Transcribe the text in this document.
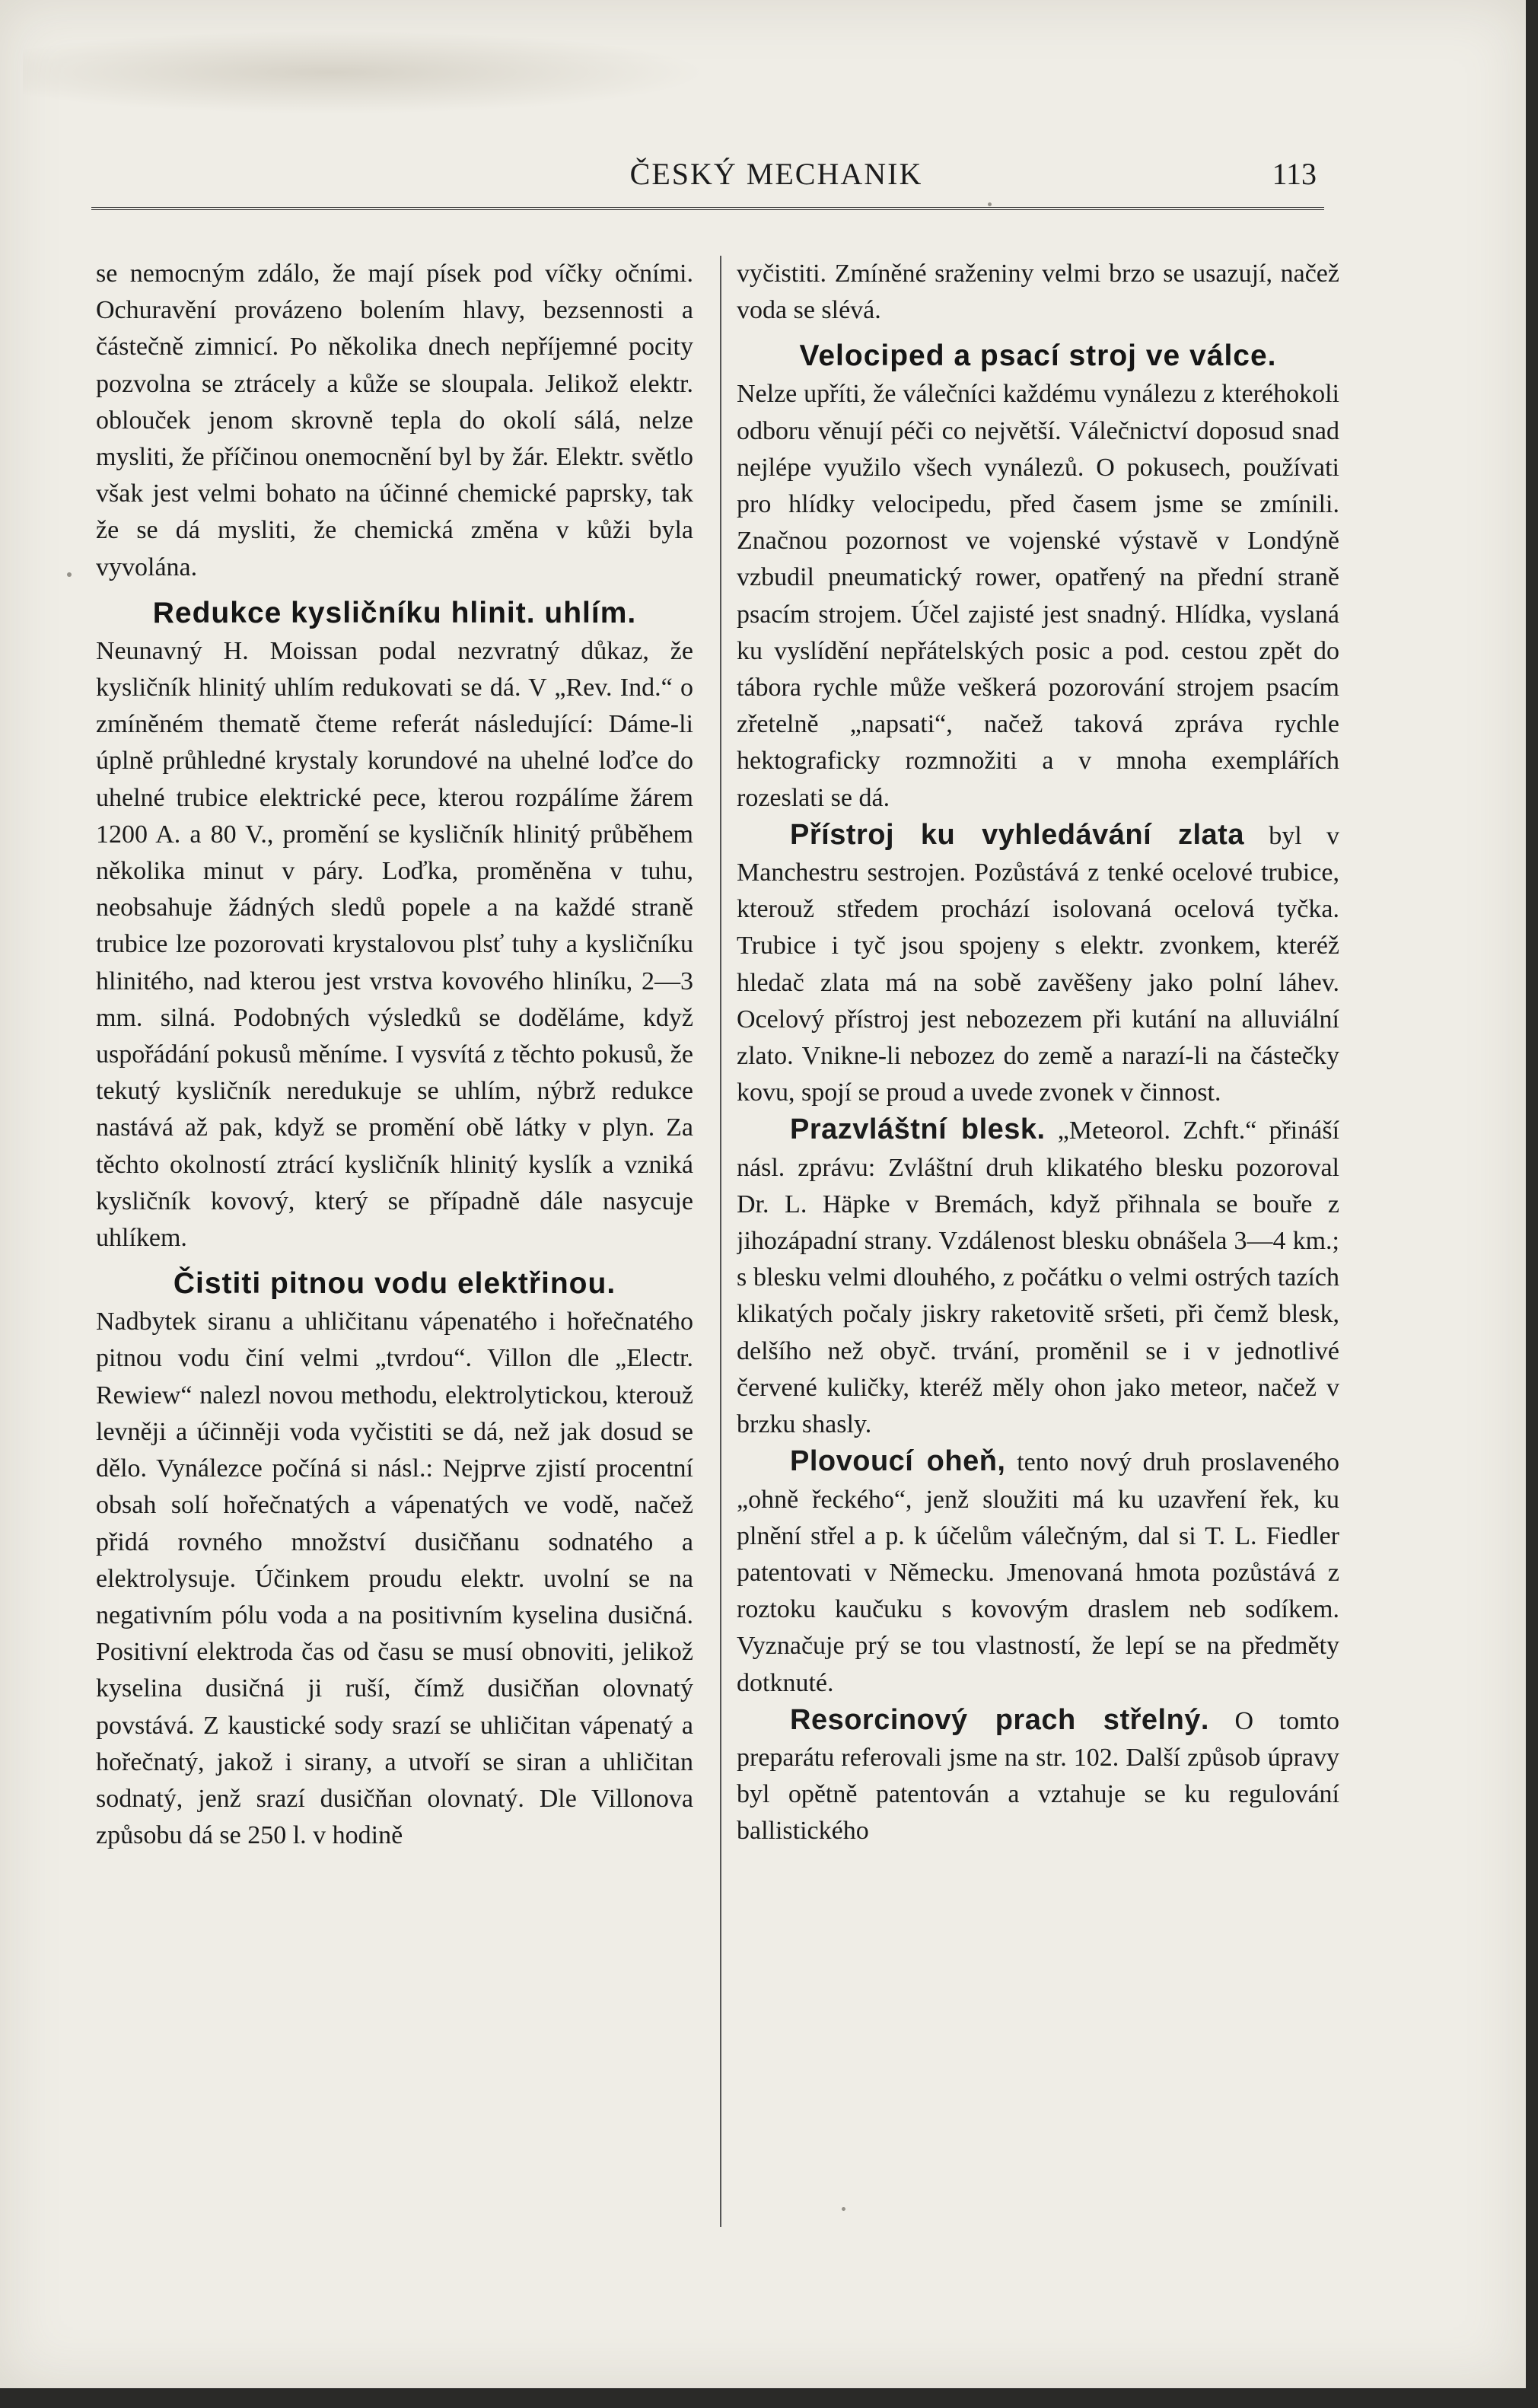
ČESKÝ MECHANIK	113

se nemocným zdálo, že mají písek pod víčky očními. Ochuravění provázeno bolením hlavy, bezsennosti a částečně zimnicí. Po několika dnech nepříjemné pocity pozvolna se ztrácely a kůže se sloupala. Jelikož elektr. oblouček jenom skrovně tepla do okolí sálá, nelze mysliti, že příčinou onemocnění byl by žár. Elektr. světlo však jest velmi bohato na účinné chemické paprsky, tak že se dá mysliti, že chemická změna v kůži byla vyvolána.

Redukce kysličníku hlinit. uhlím.

Neunavný H. Moissan podal nezvratný důkaz, že kysličník hlinitý uhlím redukovati se dá. V „Rev. Ind.“ o zmíněném thematě čteme referát následující: Dáme-li úplně průhledné krystaly korundové na uhelné loďce do uhelné trubice elektrické pece, kterou rozpálíme žárem 1200 A. a 80 V., promění se kysličník hlinitý průběhem několika minut v páry. Loďka, proměněna v tuhu, neobsahuje žádných sledů popele a na každé straně trubice lze pozorovati krystalovou plsť tuhy a kysličníku hlinitého, nad kterou jest vrstva kovového hliníku, 2—3 mm. silná. Podobných výsledků se doděláme, když uspořádání pokusů měníme. I vysvítá z těchto pokusů, že tekutý kysličník neredukuje se uhlím, nýbrž redukce nastává až pak, když se promění obě látky v plyn. Za těchto okolností ztrácí kysličník hlinitý kyslík a vzniká kysličník kovový, který se případně dále nasycuje uhlíkem.

Čistiti pitnou vodu elektřinou.

Nadbytek siranu a uhličitanu vápenatého i hořečnatého pitnou vodu činí velmi „tvrdou“. Villon dle „Electr. Rewiew“ nalezl novou methodu, elektrolytickou, kterouž levněji a účinněji voda vyčistiti se dá, než jak dosud se dělo. Vynálezce počíná si násl.: Nejprve zjistí procentní obsah solí hořečnatých a vápenatých ve vodě, načež přidá rovného množství dusičňanu sodnatého a elektrolysuje. Účinkem proudu elektr. uvolní se na negativním pólu voda a na positivním kyselina dusičná. Positivní elektroda čas od času se musí obnoviti, jelikož kyselina dusičná ji ruší, čímž dusičňan olovnatý povstává. Z kaustické sody srazí se uhličitan vápenatý a hořečnatý, jakož i sirany, a utvoří se siran a uhličitan sodnatý, jenž srazí dusičňan olovnatý. Dle Villonova způsobu dá se 250 l. v hodině

vyčistiti. Zmíněné sraženiny velmi brzo se usazují, načež voda se slévá.

Velociped a psací stroj ve válce.

Nelze upříti, že válečníci každému vynálezu z kteréhokoli odboru věnují péči co největší. Válečnictví doposud snad nejlépe využilo všech vynálezů. O pokusech, používati pro hlídky velocipedu, před časem jsme se zmínili. Značnou pozornost ve vojenské výstavě v Londýně vzbudil pneumatický rower, opatřený na přední straně psacím strojem. Účel zajisté jest snadný. Hlídka, vyslaná ku vyslídění nepřátelských posic a pod. cestou zpět do tábora rychle může veškerá pozorování strojem psacím zřetelně „napsati“, načež taková zpráva rychle hektograficky rozmnožiti a v mnoha exemplářích rozeslati se dá.

Přístroj ku vyhledávání zlata byl v Manchestru sestrojen. Pozůstává z tenké ocelové trubice, kterouž středem prochází isolovaná ocelová tyčka. Trubice i tyč jsou spojeny s elektr. zvonkem, kteréž hledač zlata má na sobě zavěšeny jako polní láhev. Ocelový přístroj jest nebozezem při kutání na alluviální zlato. Vnikne-li nebozez do země a narazí-li na částečky kovu, spojí se proud a uvede zvonek v činnost.

Prazvláštní blesk. „Meteorol. Zchft.“ přináší násl. zprávu: Zvláštní druh klikatého blesku pozoroval Dr. L. Häpke v Bremách, když přihnala se bouře z jihozápadní strany. Vzdálenost blesku obnášela 3—4 km.; s blesku velmi dlouhého, z počátku o velmi ostrých tazích klikatých počaly jiskry raketovitě sršeti, při čemž blesk, delšího než obyč. trvání, proměnil se i v jednotlivé červené kuličky, kteréž měly ohon jako meteor, načež v brzku shasly.

Plovoucí oheň, tento nový druh proslaveného „ohně řeckého“, jenž sloužiti má ku uzavření řek, ku plnění střel a p. k účelům válečným, dal si T. L. Fiedler patentovati v Německu. Jmenovaná hmota pozůstává z roztoku kaučuku s kovovým draslem neb sodíkem. Vyznačuje prý se tou vlastností, že lepí se na předměty dotknuté.

Resorcinový prach střelný. O tomto preparátu referovali jsme na str. 102. Další způsob úpravy byl opětně patentován a vztahuje se ku regulování ballistického
